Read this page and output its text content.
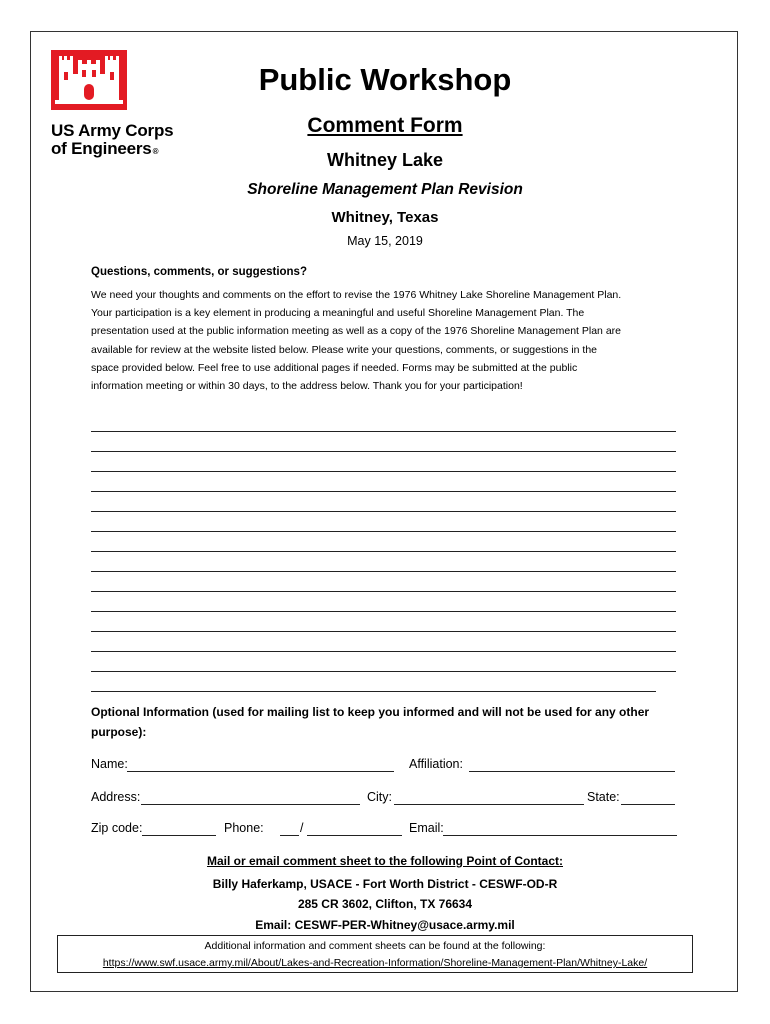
US Army Corps
of Engineers®
Public Workshop
Comment Form
Whitney Lake
Shoreline Management Plan Revision
Whitney, Texas
May 15, 2019
Questions, comments, or suggestions?
We need your thoughts and comments on the effort to revise the 1976 Whitney Lake Shoreline Management Plan.
Your participation is a key element in producing a meaningful and useful Shoreline Management Plan. The
presentation used at the public information meeting as well as a copy of the 1976 Shoreline Management Plan are
available for review at the website listed below. Please write your questions, comments, or suggestions in the
space provided below. Feel free to use additional pages if needed. Forms may be submitted at the public
information meeting or within 30 days, to the address below. Thank you for your participation!
Optional Information (used for mailing list to keep you informed and will not be used for any other purpose):
Name:	Affiliation:
Address:	City:	State:
Zip code:	Phone:	/	Email:
Mail or email comment sheet to the following Point of Contact:
Billy Haferkamp, USACE - Fort Worth District - CESWF-OD-R
285 CR 3602, Clifton, TX 76634
Email: CESWF-PER-Whitney@usace.army.mil
Additional information and comment sheets can be found at the following:
https://www.swf.usace.army.mil/About/Lakes-and-Recreation-Information/Shoreline-Management-Plan/Whitney-Lake/
